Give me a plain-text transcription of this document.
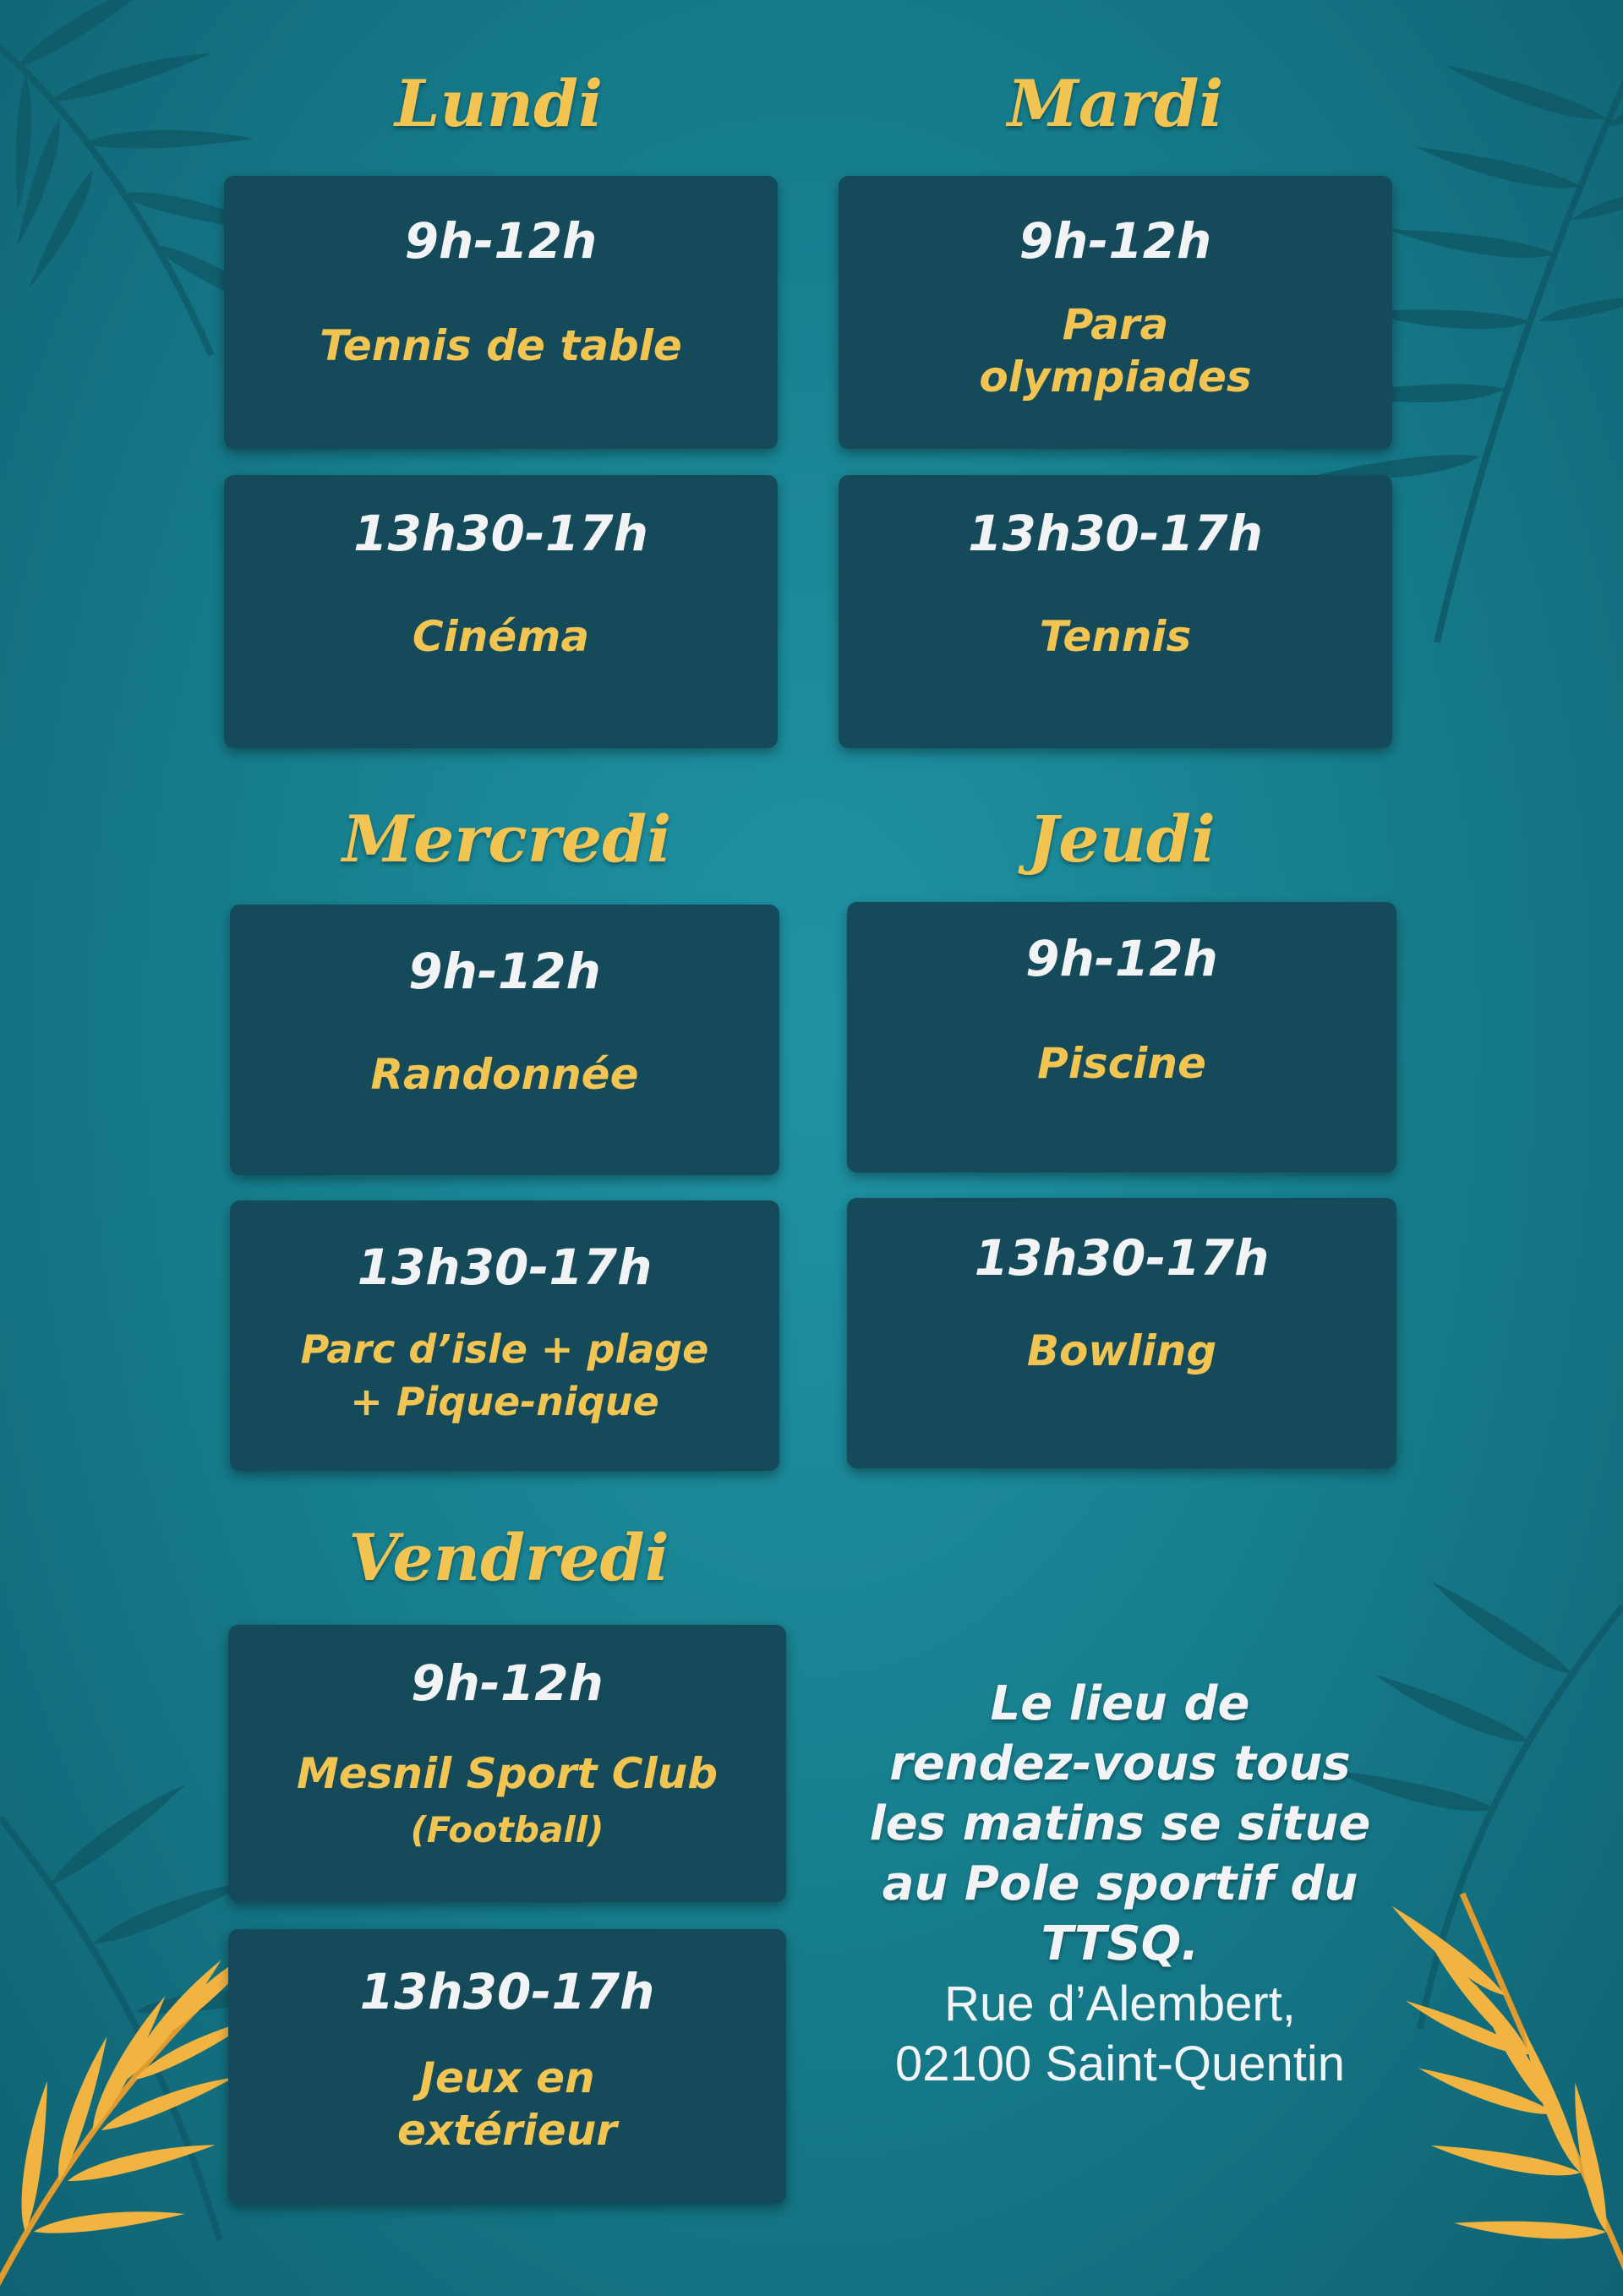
Lundi
9h-12h
Tennis de table
13h30-17h
Cinéma
Mardi
9h-12h
Para
olympiades
13h30-17h
Tennis
Mercredi
9h-12h
Randonnée
13h30-17h
Parc d’isle + plage
+ Pique-nique
Jeudi
9h-12h
Piscine
13h30-17h
Bowling
Vendredi
9h-12h
Mesnil Sport Club
(Football)
13h30-17h
Jeux en
extérieur
Le lieu de
rendez-vous tous
les matins se situe
au Pole sportif du
TTSQ.
Rue d’Alembert,
02100 Saint-Quentin
